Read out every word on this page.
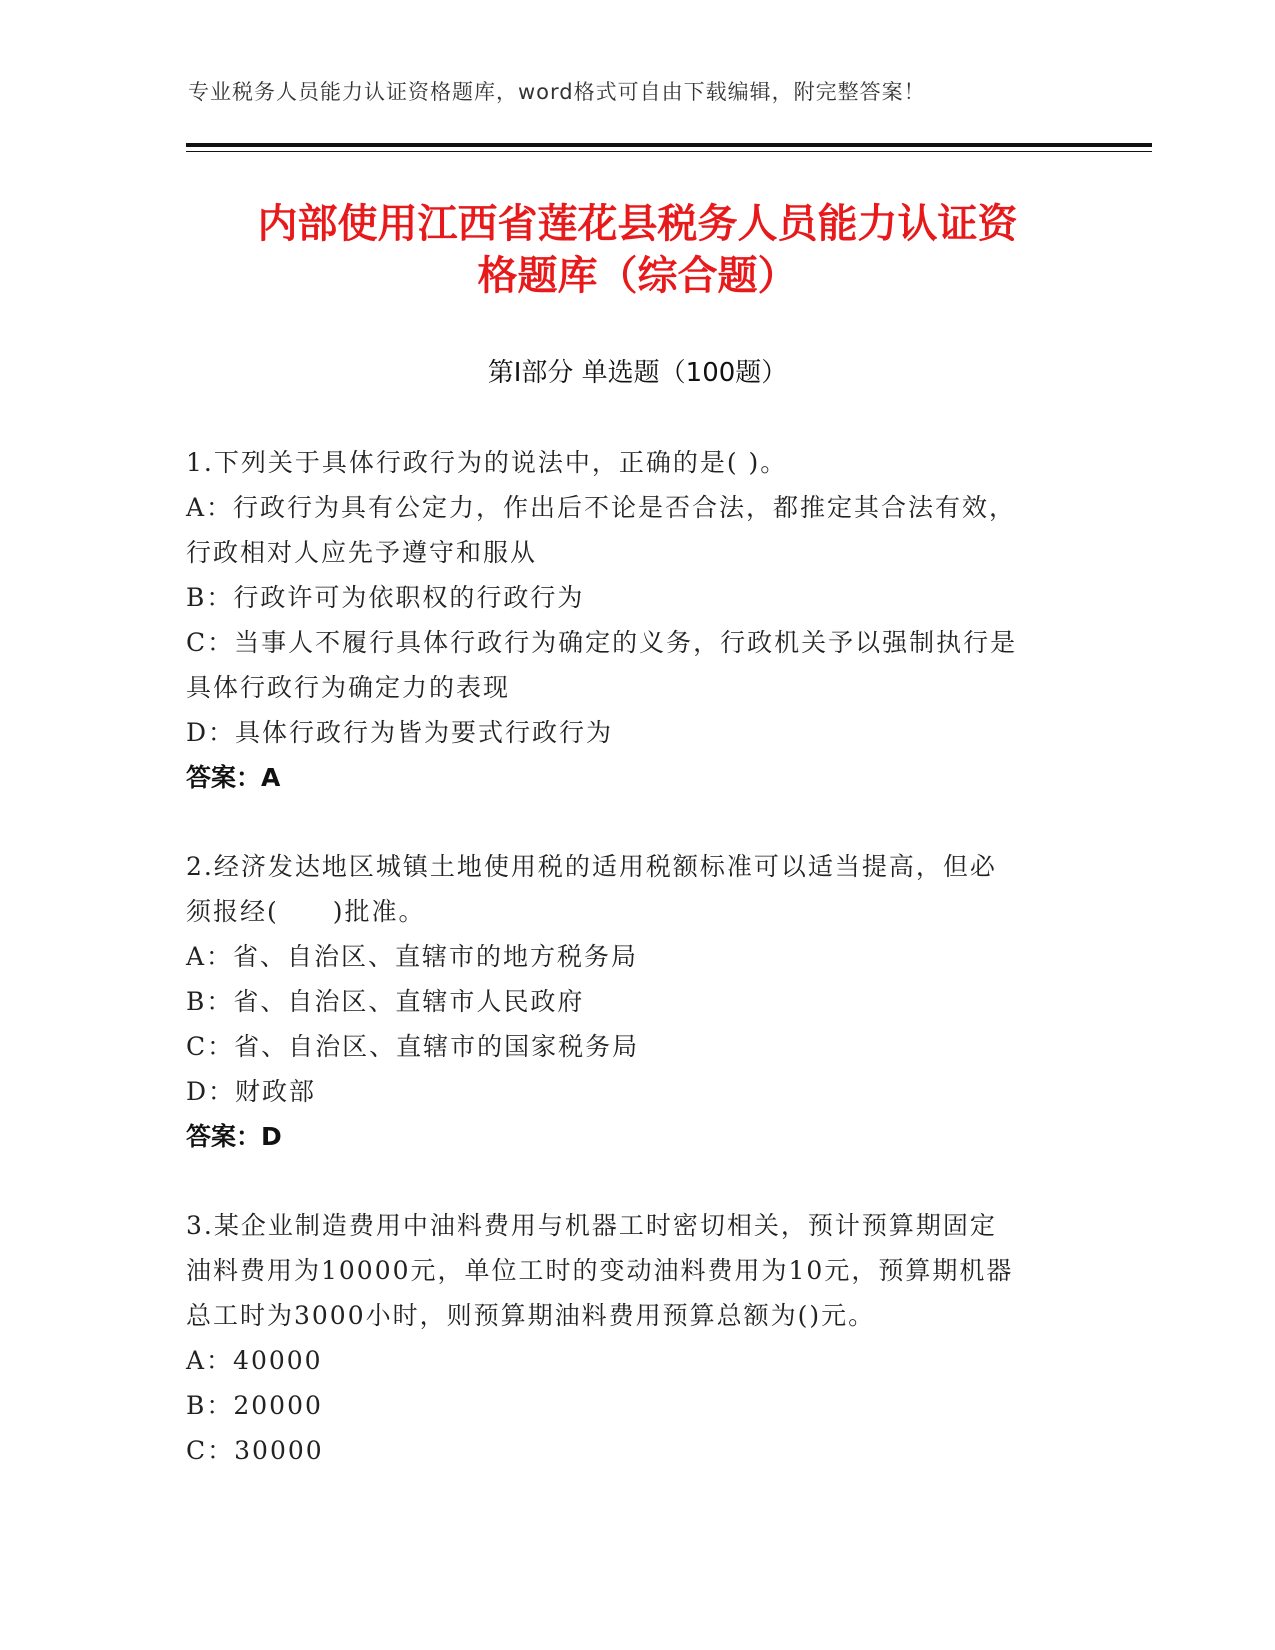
专业税务人员能力认证资格题库，word格式可自由下载编辑，附完整答案！
内部使用江西省莲花县税务人员能力认证资
格题库（综合题）
第I部分 单选题（100题）

1.下列关于具体行政行为的说法中，正确的是( )。

A：行政行为具有公定力，作出后不论是否合法，都推定其合法有效，

行政相对人应先予遵守和服从

B：行政许可为依职权的行政行为

C：当事人不履行具体行政行为确定的义务，行政机关予以强制执行是

具体行政行为确定力的表现

D：具体行政行为皆为要式行政行为

答案：A

2.经济发达地区城镇土地使用税的适用税额标准可以适当提高，但必

须报经(　　)批准。

A：省、自治区、直辖市的地方税务局

B：省、自治区、直辖市人民政府

C：省、自治区、直辖市的国家税务局

D：财政部

答案：D

3.某企业制造费用中油料费用与机器工时密切相关，预计预算期固定

油料费用为10000元，单位工时的变动油料费用为10元，预算期机器

总工时为3000小时，则预算期油料费用预算总额为()元。

A：40000

B：20000

C：30000
